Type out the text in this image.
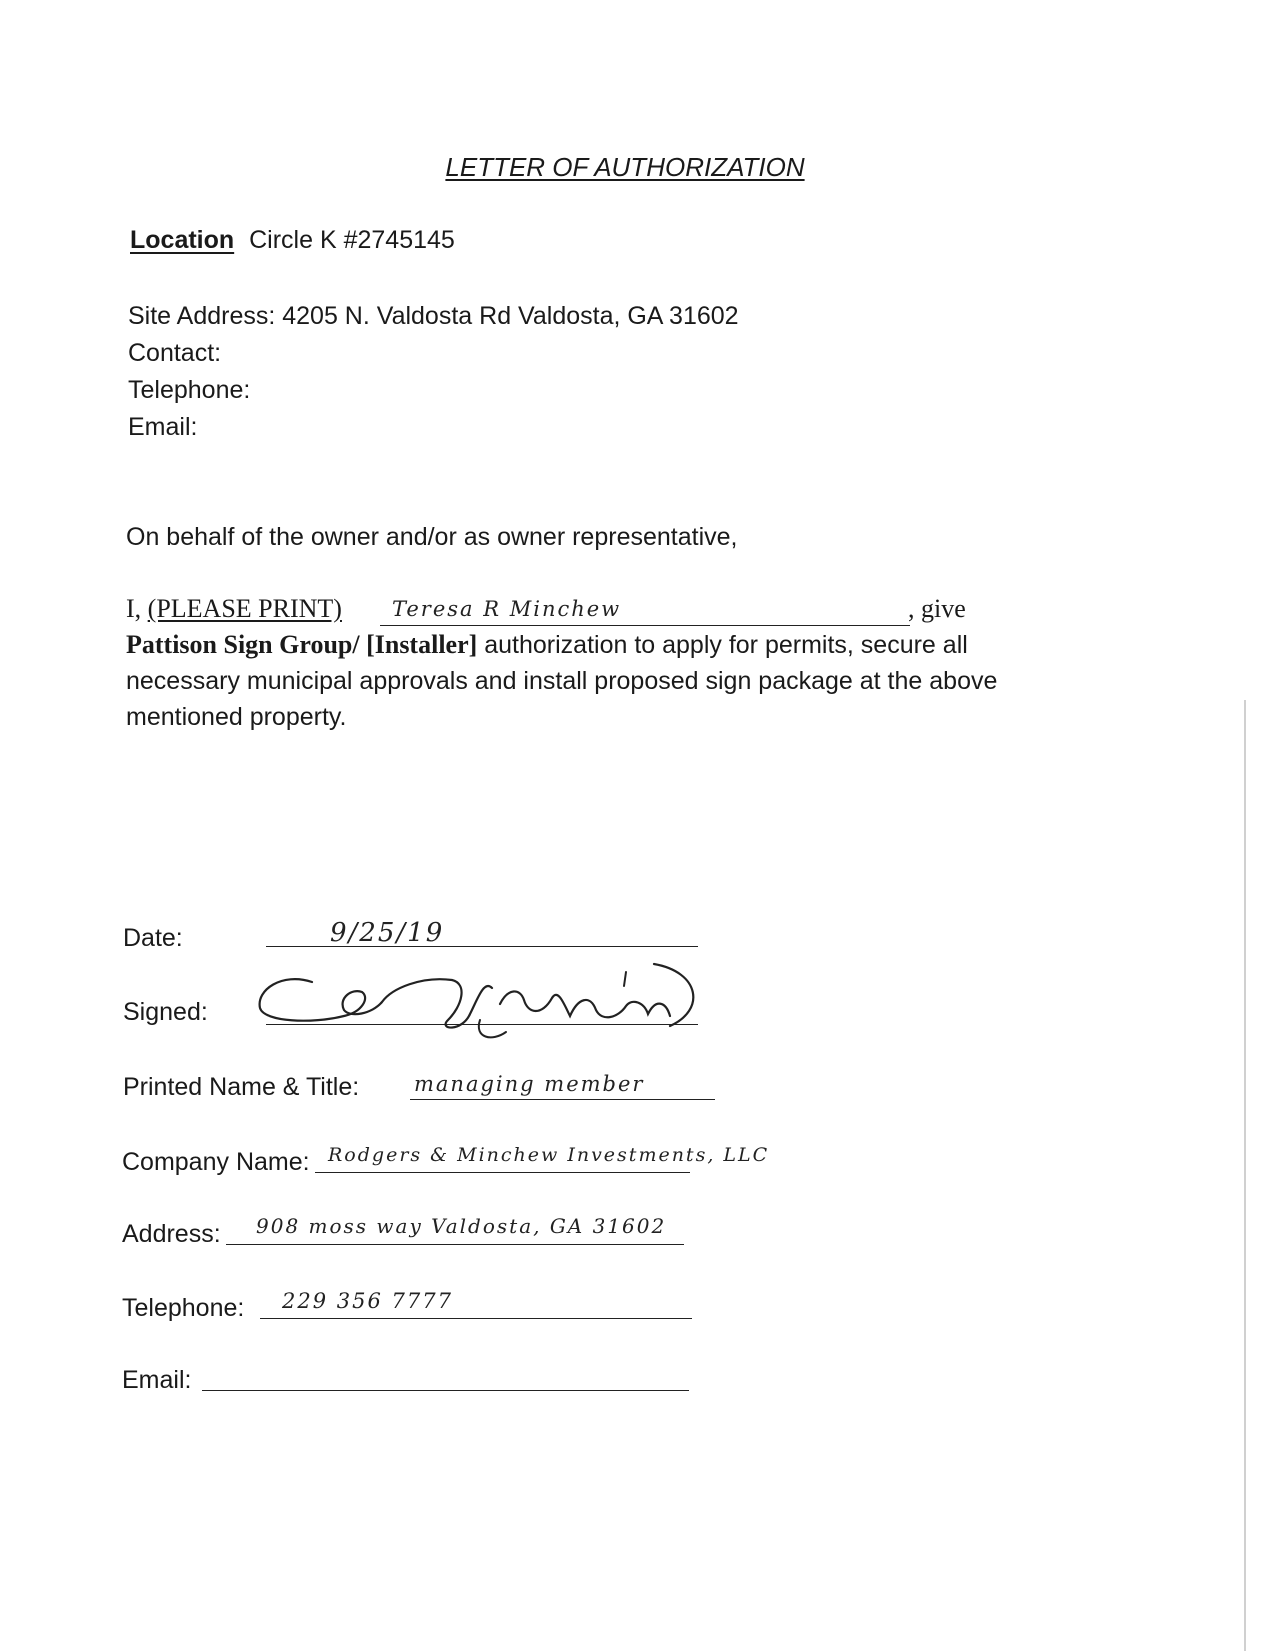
LETTER OF AUTHORIZATION
Location Circle K #2745145
Site Address: 4205 N. Valdosta Rd Valdosta, GA 31602
Contact:
Telephone:
Email:
On behalf of the owner and/or as owner representative,
I, (PLEASE PRINT) Teresa R Minchew	, give
Pattison Sign Group/ [Installer] authorization to apply for permits, secure all
necessary municipal approvals and install proposed sign package at the above
mentioned property.
Date:	9/25/19
Signed:
Printed Name & Title:	managing member
Company Name: Rodgers & Minchew Investments, LLC
Address: 908 moss way Valdosta, GA 31602
Telephone: 229 356 7777
Email:
